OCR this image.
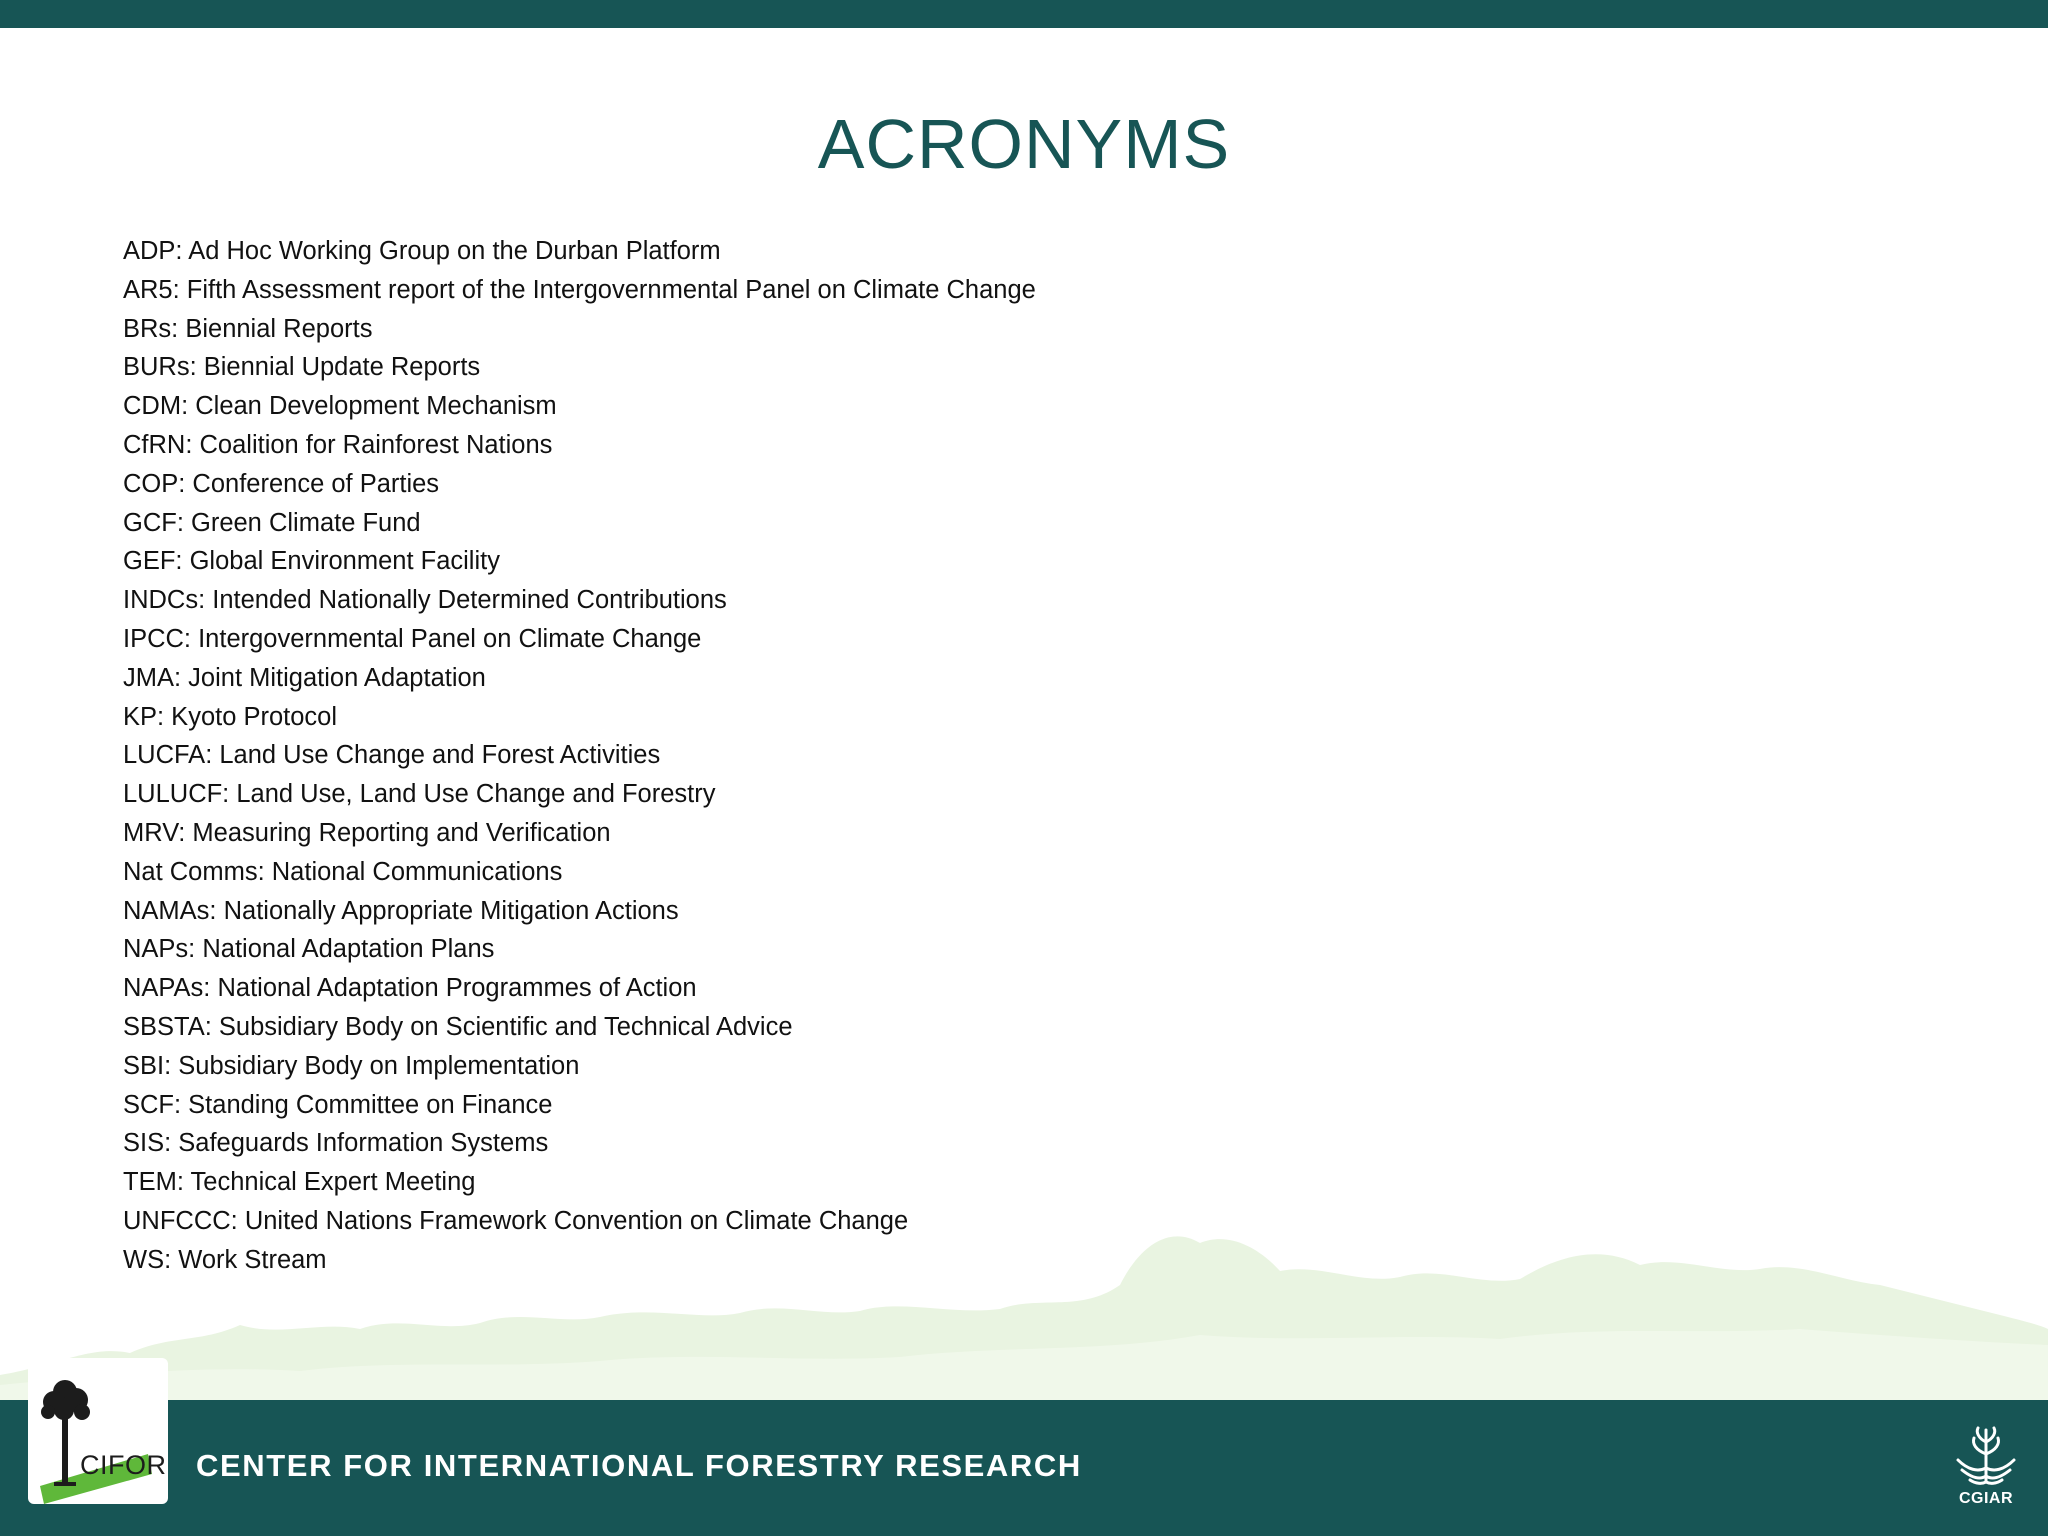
ACRONYMS
ADP: Ad Hoc Working Group on the Durban Platform
AR5: Fifth Assessment report of the Intergovernmental Panel on Climate Change
BRs: Biennial Reports
BURs: Biennial Update Reports
CDM: Clean Development Mechanism
CfRN: Coalition for Rainforest Nations
COP: Conference of Parties
GCF: Green Climate Fund
GEF: Global Environment Facility
INDCs: Intended Nationally Determined Contributions
IPCC: Intergovernmental Panel on Climate Change
JMA: Joint Mitigation Adaptation
KP: Kyoto Protocol
LUCFA: Land Use Change and Forest Activities
LULUCF: Land Use, Land Use Change and Forestry
MRV: Measuring Reporting and Verification
Nat Comms: National Communications
NAMAs: Nationally Appropriate Mitigation Actions
NAPs: National Adaptation Plans
NAPAs: National Adaptation Programmes of Action
SBSTA: Subsidiary Body on Scientific and Technical Advice
SBI: Subsidiary Body on Implementation
SCF: Standing Committee on Finance
SIS: Safeguards Information Systems
TEM: Technical Expert Meeting
UNFCCC: United Nations Framework Convention on Climate Change
WS: Work Stream
CIFOR CENTER FOR INTERNATIONAL FORESTRY RESEARCH
CGIAR
